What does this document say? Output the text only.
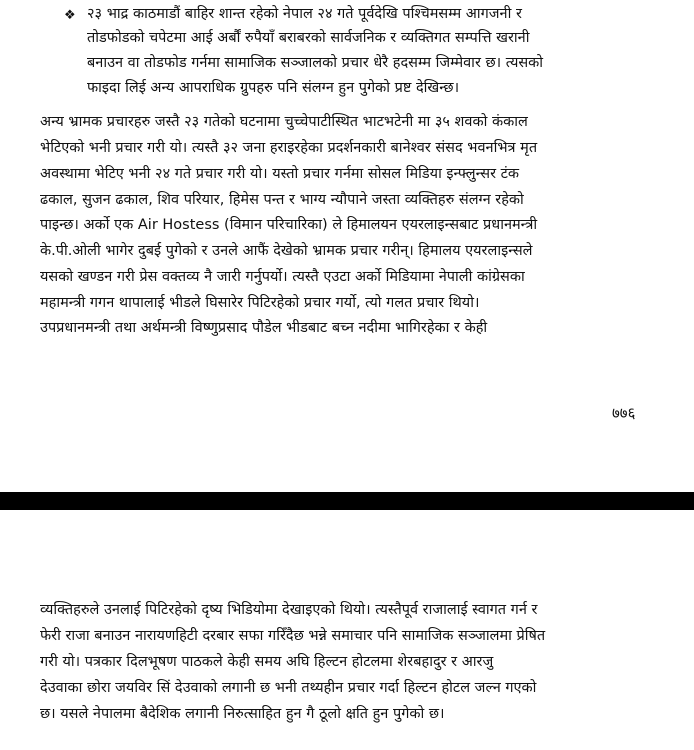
❖ २३ भाद्र काठमाडौं बाहिर शान्त रहेको नेपाल २४ गते पूर्वदेखि पश्चिमसम्म आगजनी र
तोडफोडको चपेटमा आई अर्बौं रुपैयाँ बराबरको सार्वजनिक र व्यक्तिगत सम्पत्ति खरानी
बनाउन वा तोडफोड गर्नमा सामाजिक सञ्जालको प्रचार धेरै हदसम्म जिम्मेवार छ। त्यसको
फाइदा लिई अन्य आपराधिक ग्रुपहरु पनि संलग्न हुन पुगेको प्रष्ट देखिन्छ।
अन्य भ्रामक प्रचारहरु जस्तै २३ गतेको घटनामा चुच्चेपाटीस्थित भाटभटेनी मा ३५ शवको कंकाल
भेटिएको भनी प्रचार गरी यो। त्यस्तै ३२ जना हराइरहेका प्रदर्शनकारी बानेश्वर संसद भवनभित्र मृत
अवस्थामा भेटिए भनी २४ गते प्रचार गरी यो। यस्तो प्रचार गर्नमा सोसल मिडिया इन्फ्लुन्सर टंक
ढकाल, सुजन ढकाल, शिव परियार, हिमेस पन्त र भाग्य न्यौपाने जस्ता व्यक्तिहरु संलग्न रहेको
पाइन्छ। अर्को एक Air Hostess (विमान परिचारिका) ले हिमालयन एयरलाइन्सबाट प्रधानमन्त्री
के.पी.ओली भागेर दुबई पुगेको र उनले आफैं देखेको भ्रामक प्रचार गरीन्। हिमालय एयरलाइन्सले
यसको खण्डन गरी प्रेस वक्तव्य नै जारी गर्नुपर्यो। त्यस्तै एउटा अर्को मिडियामा नेपाली कांग्रेसका
महामन्त्री गगन थापालाई भीडले घिसारेर पिटिरहेको प्रचार गर्यो, त्यो गलत प्रचार थियो।
उपप्रधानमन्त्री तथा अर्थमन्त्री विष्णुप्रसाद पौडेल भीडबाट बच्न नदीमा भागिरहेका र केही
७७६
व्यक्तिहरुले उनलाई पिटिरहेको दृष्य भिडियोमा देखाइएको थियो। त्यस्तैपूर्व राजालाई स्वागत गर्न र
फेरी राजा बनाउन नारायणहिटी दरबार सफा गरिँदैछ भन्ने समाचार पनि सामाजिक सञ्जालमा प्रेषित
गरी यो। पत्रकार दिलभूषण पाठकले केही समय अघि हिल्टन होटलमा शेरबहादुर र आरजु
देउवाका छोरा जयविर सिं देउवाको लगानी छ भनी तथ्यहीन प्रचार गर्दा हिल्टन होटल जल्न गएको
छ। यसले नेपालमा बैदेशिक लगानी निरुत्साहित हुन गै ठूलो क्षति हुन पुगेको छ।
